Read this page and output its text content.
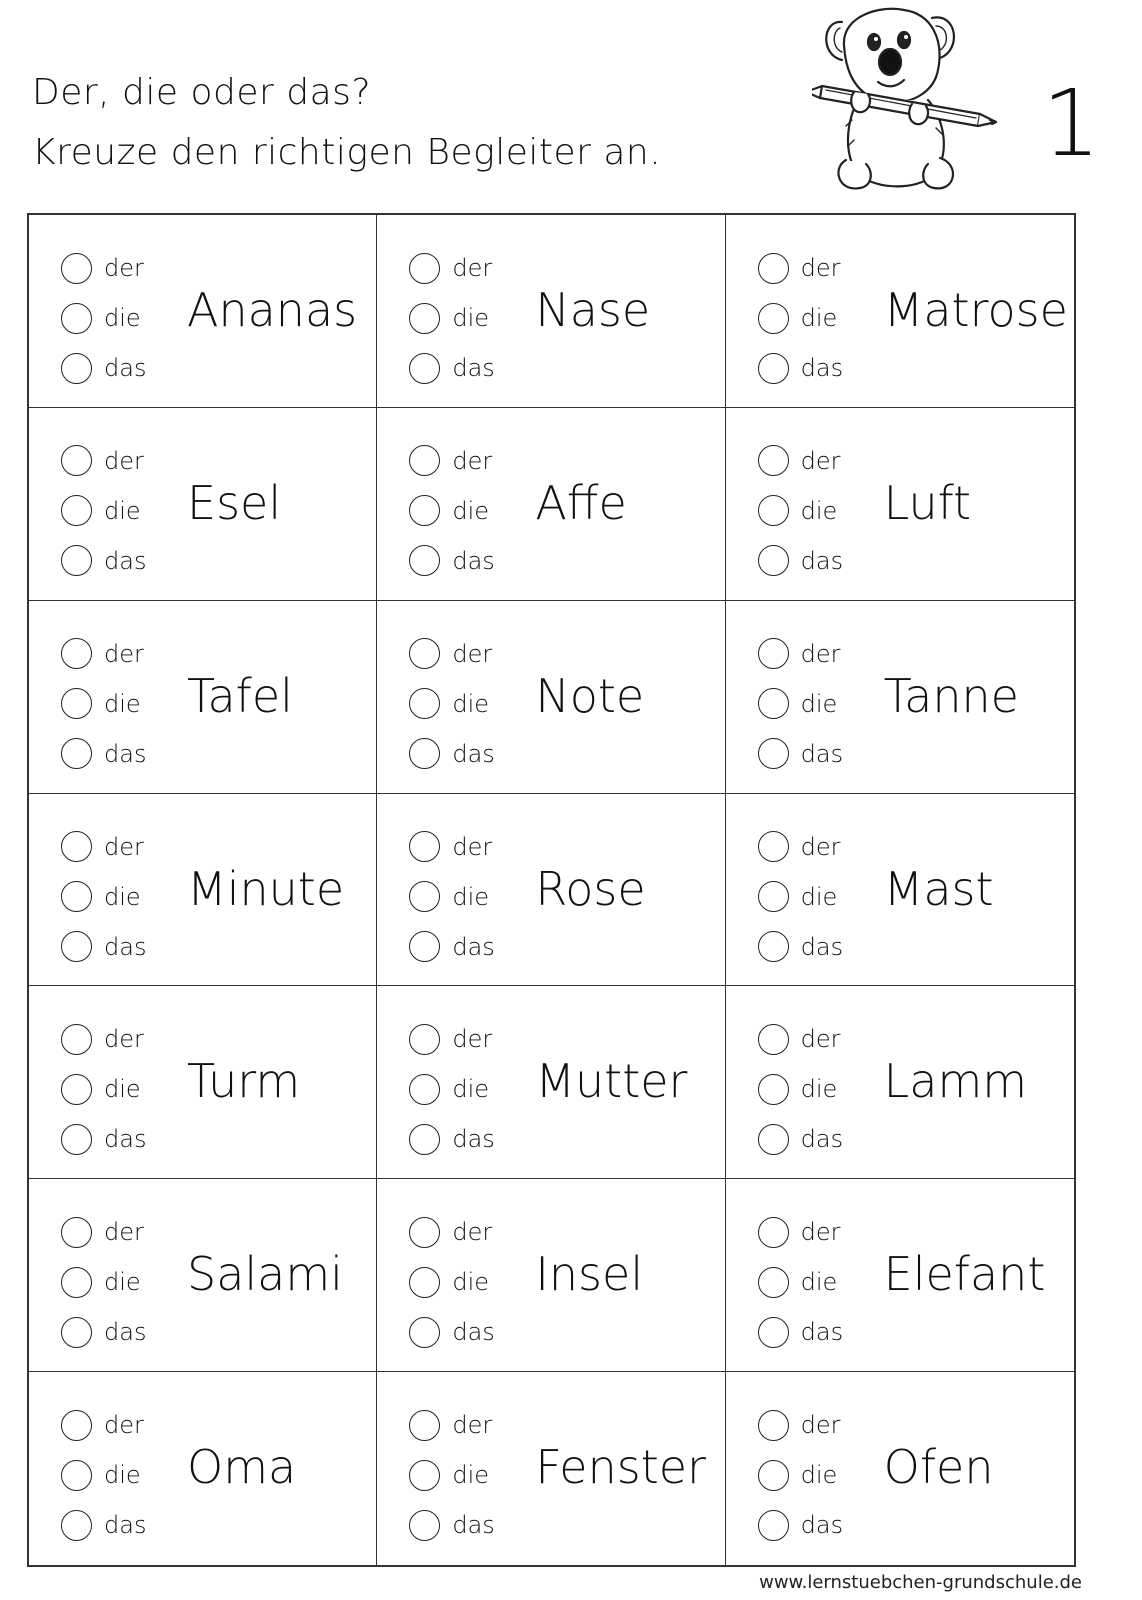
Der, die oder das?
Kreuze den richtigen Begleiter an.	1
der
die
das
Ananas
der
die
das
Nase
der
die
das
Matrose
der
die
das
Esel
der
die
das
Affe
der
die
das
Luft
der
die
das
Tafel
der
die
das
Note
der
die
das
Tanne
der
die
das
Minute
der
die
das
Rose
der
die
das
Mast
der
die
das
Turm
der
die
das
Mutter
der
die
das
Lamm
der
die
das
Salami
der
die
das
Insel
der
die
das
Elefant
der
die
das
Oma
der
die
das
Fenster
der
die
das
Ofen
www.lernstuebchen-grundschule.de
